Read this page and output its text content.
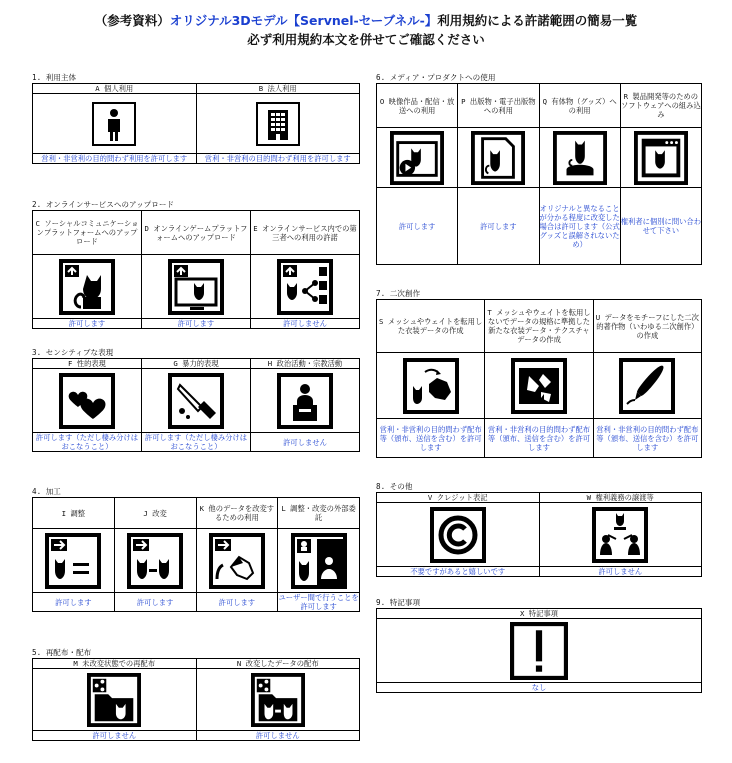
（参考資料）オリジナル3Dモデル【Servnel-セーブネル-】利用規約による許諾範囲の簡易一覧
必ず利用規約本文を併せてご確認ください
1. 利用主体
A 個人利用	B 法人利用

営利・非営利の目的問わず利用を許可します	営利・非営利の目的問わず利用を許可します
2. オンラインサービスへのアップロード
C ソーシャルコミュニケーションプラットフォームへのアップロード	D オンラインゲームプラットフォームへのアップロード	E オンラインサービス内での第三者への利用の許諾

許可します	許可します	許可しません
3. センシティブな表現
F 性的表現	G 暴力的表現	H 政治活動・宗教活動

許可します（ただし棲み分けはおこなうこと）	許可します（ただし棲み分けはおこなうこと）	許可しません
4. 加工
I 調整	J 改変	K 他のデータを改変するための利用	L 調整・改変の外部委託

許可します	許可します	許可します	ユーザー間で行うことを許可します
5. 再配布・配布
M 未改変状態での再配布	N 改変したデータの配布

許可しません	許可しません
6. メディア・プロダクトへの使用
O 映像作品・配信・放送への利用	P 出版物・電子出版物への利用	Q 有体物（グッズ）への利用	R 製品開発等のためのソフトウェアへの組み込み

許可します	許可します	オリジナルと異なることが分かる程度に改変した場合は許可します（公式グッズと誤解されないため）	権利者に個別に問い合わせて下さい
7. 二次創作
S メッシュやウェイトを転用した衣装データの作成	T メッシュやウェイトを転用しないでデータの規格に準拠した新たな衣装データ・テクスチャデータの作成	U データをモチーフにした二次的著作物（いわゆる二次創作）の作成

営利・非営利の目的問わず配布等（頒布、送信を含む）を許可します	営利・非営利の目的問わず配布等（頒布、送信を含む）を許可します	営利・非営利の目的問わず配布等（頒布、送信を含む）を許可します
8. その他
V クレジット表記	W 権利義務の譲渡等

不要ですがあると嬉しいです	許可しません
9. 特記事項
X 特記事項

なし
